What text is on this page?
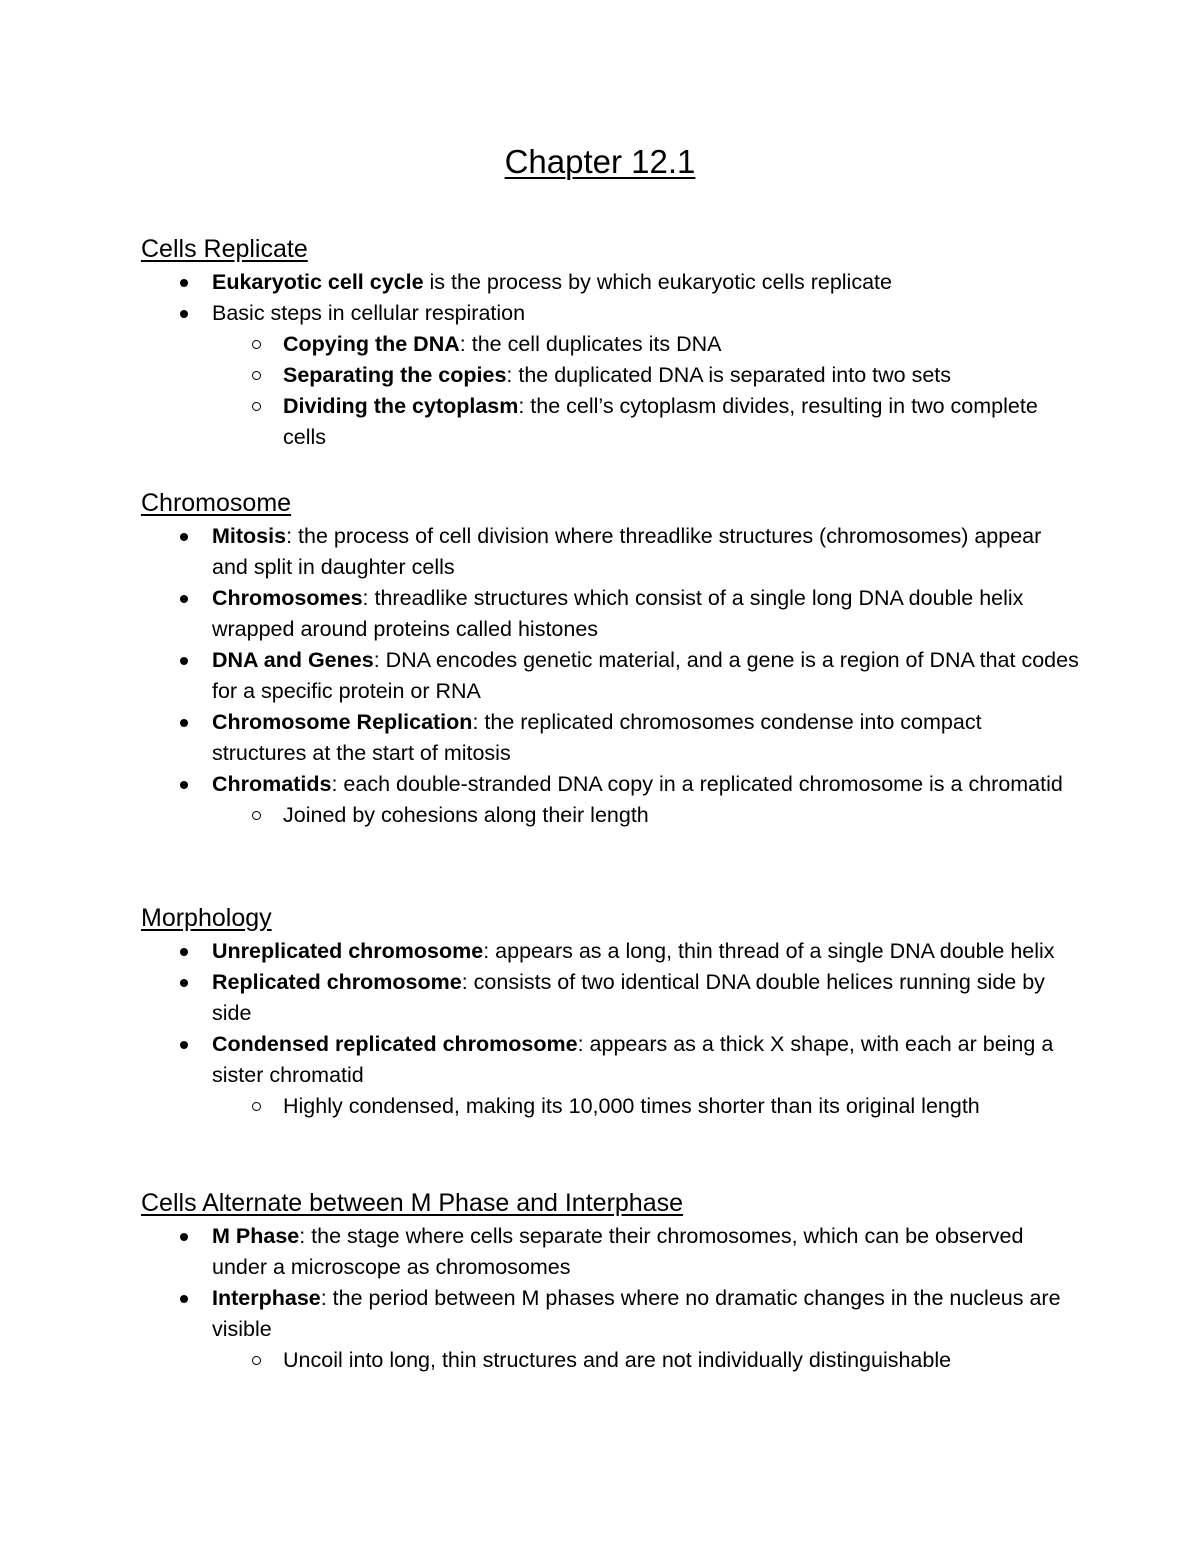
Chapter 12.1
Cells Replicate
Eukaryotic cell cycle is the process by which eukaryotic cells replicate
Basic steps in cellular respiration
Copying the DNA: the cell duplicates its DNA
Separating the copies: the duplicated DNA is separated into two sets
Dividing the cytoplasm: the cell’s cytoplasm divides, resulting in two complete cells
Chromosome
Mitosis: the process of cell division where threadlike structures (chromosomes) appear and split in daughter cells
Chromosomes: threadlike structures which consist of a single long DNA double helix wrapped around proteins called histones
DNA and Genes: DNA encodes genetic material, and a gene is a region of DNA that codes for a specific protein or RNA
Chromosome Replication: the replicated chromosomes condense into compact structures at the start of mitosis
Chromatids: each double-stranded DNA copy in a replicated chromosome is a chromatid
Joined by cohesions along their length
Morphology
Unreplicated chromosome: appears as a long, thin thread of a single DNA double helix
Replicated chromosome: consists of two identical DNA double helices running side by side
Condensed replicated chromosome: appears as a thick X shape, with each ar being a sister chromatid
Highly condensed, making its 10,000 times shorter than its original length
Cells Alternate between M Phase and Interphase
M Phase: the stage where cells separate their chromosomes, which can be observed under a microscope as chromosomes
Interphase: the period between M phases where no dramatic changes in the nucleus are visible
Uncoil into long, thin structures and are not individually distinguishable
